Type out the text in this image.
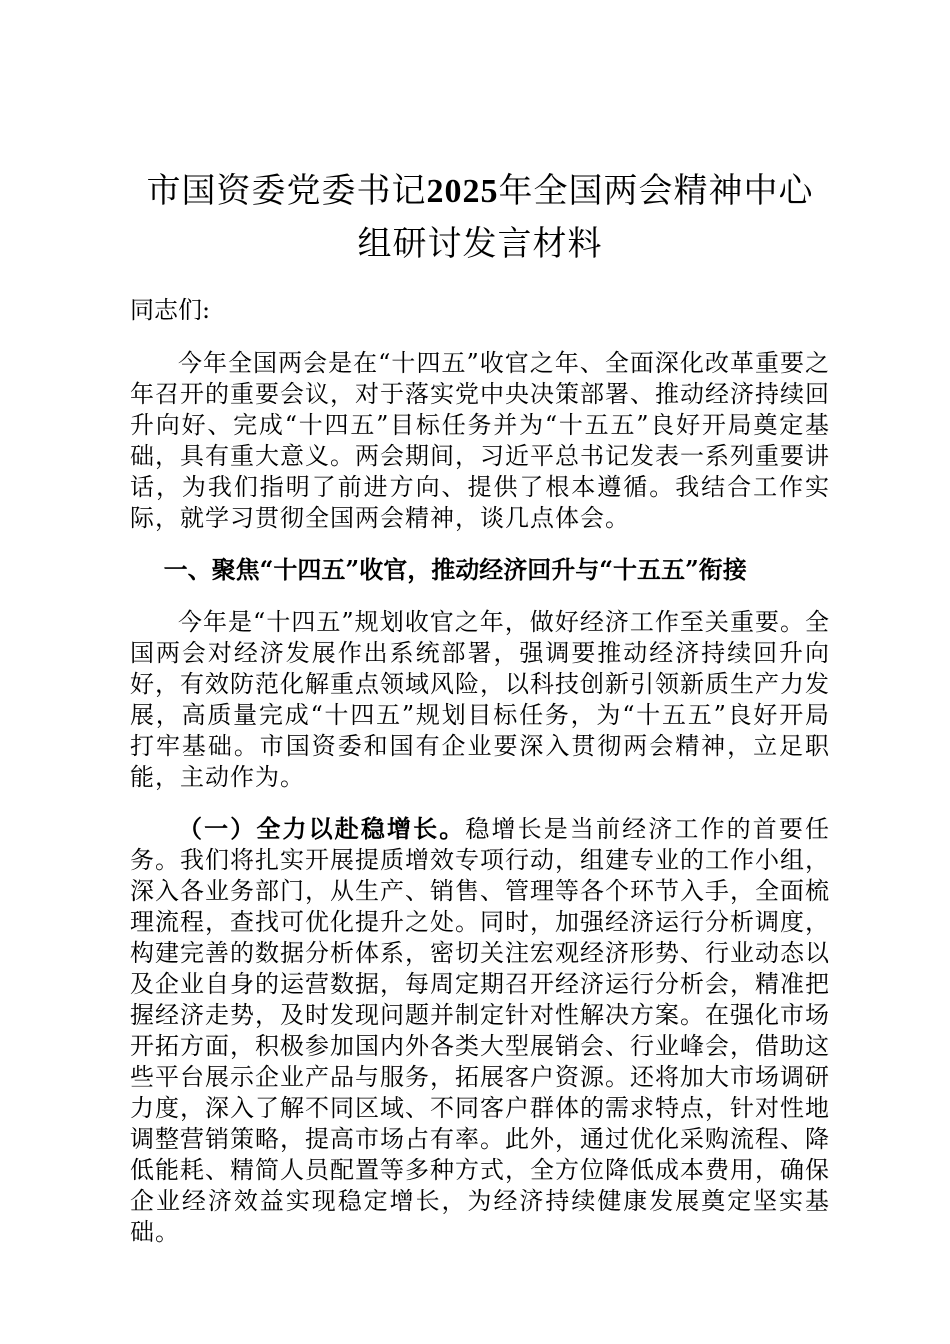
市国资委党委书记2025年全国两会精神中心
组研讨发言材料

同志们:

今年全国两会是在“十四五”收官之年、全面深化改革重要之年召开的重要会议，对于落实党中央决策部署、推动经济持续回升向好、完成“十四五”目标任务并为“十五五”良好开局奠定基础，具有重大意义。两会期间，习近平总书记发表一系列重要讲话，为我们指明了前进方向、提供了根本遵循。我结合工作实际，就学习贯彻全国两会精神，谈几点体会。

一、聚焦“十四五”收官，推动经济回升与“十五五”衔接

今年是“十四五”规划收官之年，做好经济工作至关重要。全国两会对经济发展作出系统部署，强调要推动经济持续回升向好，有效防范化解重点领域风险，以科技创新引领新质生产力发展，高质量完成“十四五”规划目标任务，为“十五五”良好开局打牢基础。市国资委和国有企业要深入贯彻两会精神，立足职能，主动作为。

（一）全力以赴稳增长。稳增长是当前经济工作的首要任务。我们将扎实开展提质增效专项行动，组建专业的工作小组，深入各业务部门，从生产、销售、管理等各个环节入手，全面梳理流程，查找可优化提升之处。同时，加强经济运行分析调度，构建完善的数据分析体系，密切关注宏观经济形势、行业动态以及企业自身的运营数据，每周定期召开经济运行分析会，精准把握经济走势，及时发现问题并制定针对性解决方案。在强化市场开拓方面，积极参加国内外各类大型展销会、行业峰会，借助这些平台展示企业产品与服务，拓展客户资源。还将加大市场调研力度，深入了解不同区域、不同客户群体的需求特点，针对性地调整营销策略，提高市场占有率。此外，通过优化采购流程、降低能耗、精简人员配置等多种方式，全方位降低成本费用，确保企业经济效益实现稳定增长，为经济持续健康发展奠定坚实基础。
